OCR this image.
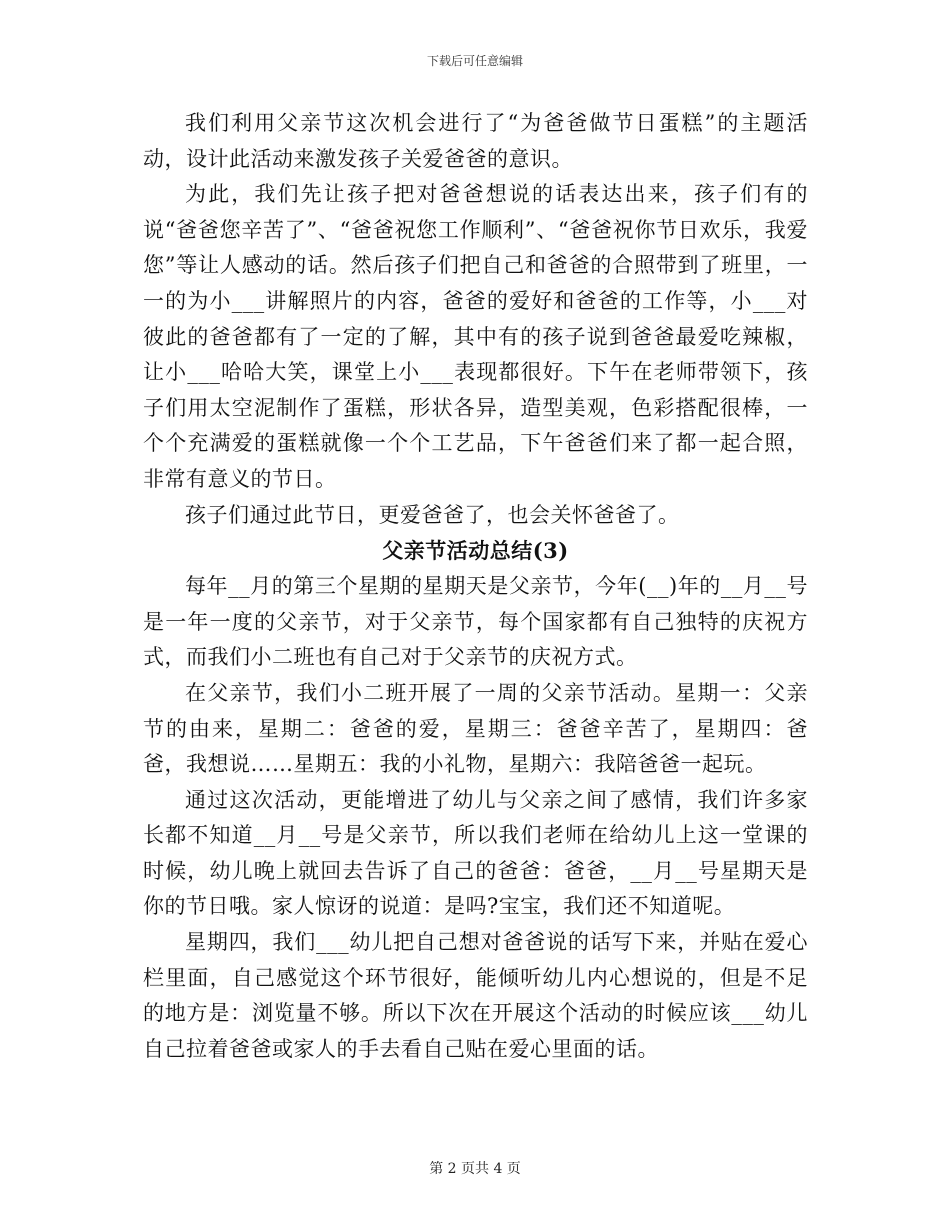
下载后可任意编辑

我们利用父亲节这次机会进行了“为爸爸做节日蛋糕”的主题活动，设计此活动来激发孩子关爱爸爸的意识。

为此，我们先让孩子把对爸爸想说的话表达出来，孩子们有的说“爸爸您辛苦了”、“爸爸祝您工作顺利”、“爸爸祝你节日欢乐，我爱您”等让人感动的话。然后孩子们把自己和爸爸的合照带到了班里，一一的为小___讲解照片的内容，爸爸的爱好和爸爸的工作等，小___对彼此的爸爸都有了一定的了解，其中有的孩子说到爸爸最爱吃辣椒，让小___哈哈大笑，课堂上小___表现都很好。下午在老师带领下，孩子们用太空泥制作了蛋糕，形状各异，造型美观，色彩搭配很棒，一个个充满爱的蛋糕就像一个个工艺品，下午爸爸们来了都一起合照，非常有意义的节日。

孩子们通过此节日，更爱爸爸了，也会关怀爸爸了。

父亲节活动总结(3)

每年__月的第三个星期的星期天是父亲节，今年(__)年的__月__号是一年一度的父亲节，对于父亲节，每个国家都有自己独特的庆祝方式，而我们小二班也有自己对于父亲节的庆祝方式。

在父亲节，我们小二班开展了一周的父亲节活动。星期一：父亲节的由来，星期二：爸爸的爱，星期三：爸爸辛苦了，星期四：爸爸，我想说……星期五：我的小礼物，星期六：我陪爸爸一起玩。

通过这次活动，更能增进了幼儿与父亲之间了感情，我们许多家长都不知道__月__号是父亲节，所以我们老师在给幼儿上这一堂课的时候，幼儿晚上就回去告诉了自己的爸爸：爸爸，__月__号星期天是你的节日哦。家人惊讶的说道：是吗?宝宝，我们还不知道呢。

星期四，我们___幼儿把自己想对爸爸说的话写下来，并贴在爱心栏里面，自己感觉这个环节很好，能倾听幼儿内心想说的，但是不足的地方是：浏览量不够。所以下次在开展这个活动的时候应该___幼儿自己拉着爸爸或家人的手去看自己贴在爱心里面的话。

第 2 页共 4 页
